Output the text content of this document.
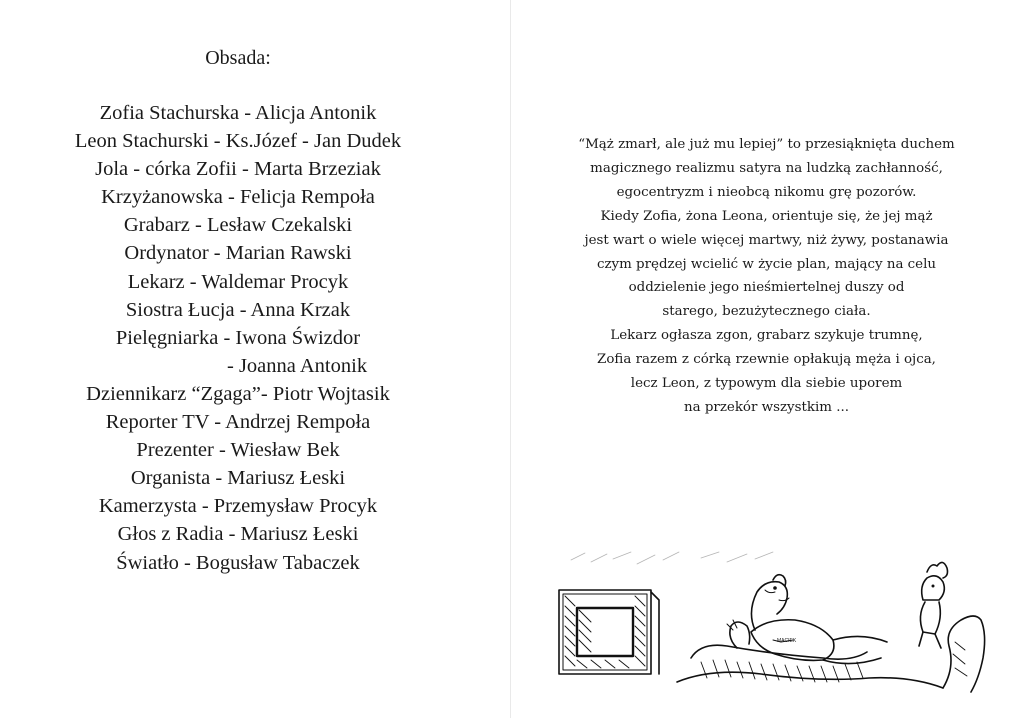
Obsada:
Zofia Stachurska - Alicja Antonik
Leon Stachurski - Ks.Józef - Jan Dudek
Jola - córka Zofii - Marta Brzeziak
Krzyżanowska - Felicja Rempoła
Grabarz - Lesław Czekalski
Ordynator - Marian Rawski
Lekarz - Waldemar Procyk
Siostra Łucja - Anna Krzak
Pielęgniarka - Iwona Świzdor
- Joanna Antonik
Dziennikarz “Zgaga”- Piotr Wojtasik
Reporter TV - Andrzej Rempoła
Prezenter - Wiesław Bek
Organista - Mariusz Łeski
Kamerzysta - Przemysław Procyk
Głos z Radia - Mariusz Łeski
Światło - Bogusław Tabaczek

“Mąż zmarł, ale już mu lepiej” to przesiąknięta duchem

magicznego realizmu satyra na ludzką zachłanność,

egocentryzm i nieobcą nikomu grę pozorów.

Kiedy Zofia, żona Leona, orientuje się, że jej mąż

jest wart o wiele więcej martwy, niż żywy, postanawia

czym prędzej wcielić w życie plan, mający na celu

oddzielenie jego nieśmiertelnej duszy od

starego, bezużytecznego ciała.

Lekarz ogłasza zgon, grabarz szykuje trumnę,

Zofia razem z córką rzewnie opłakują męża i ojca,

lecz Leon, z typowym dla siebie uporem

na przekór wszystkim ...

MACIEK
